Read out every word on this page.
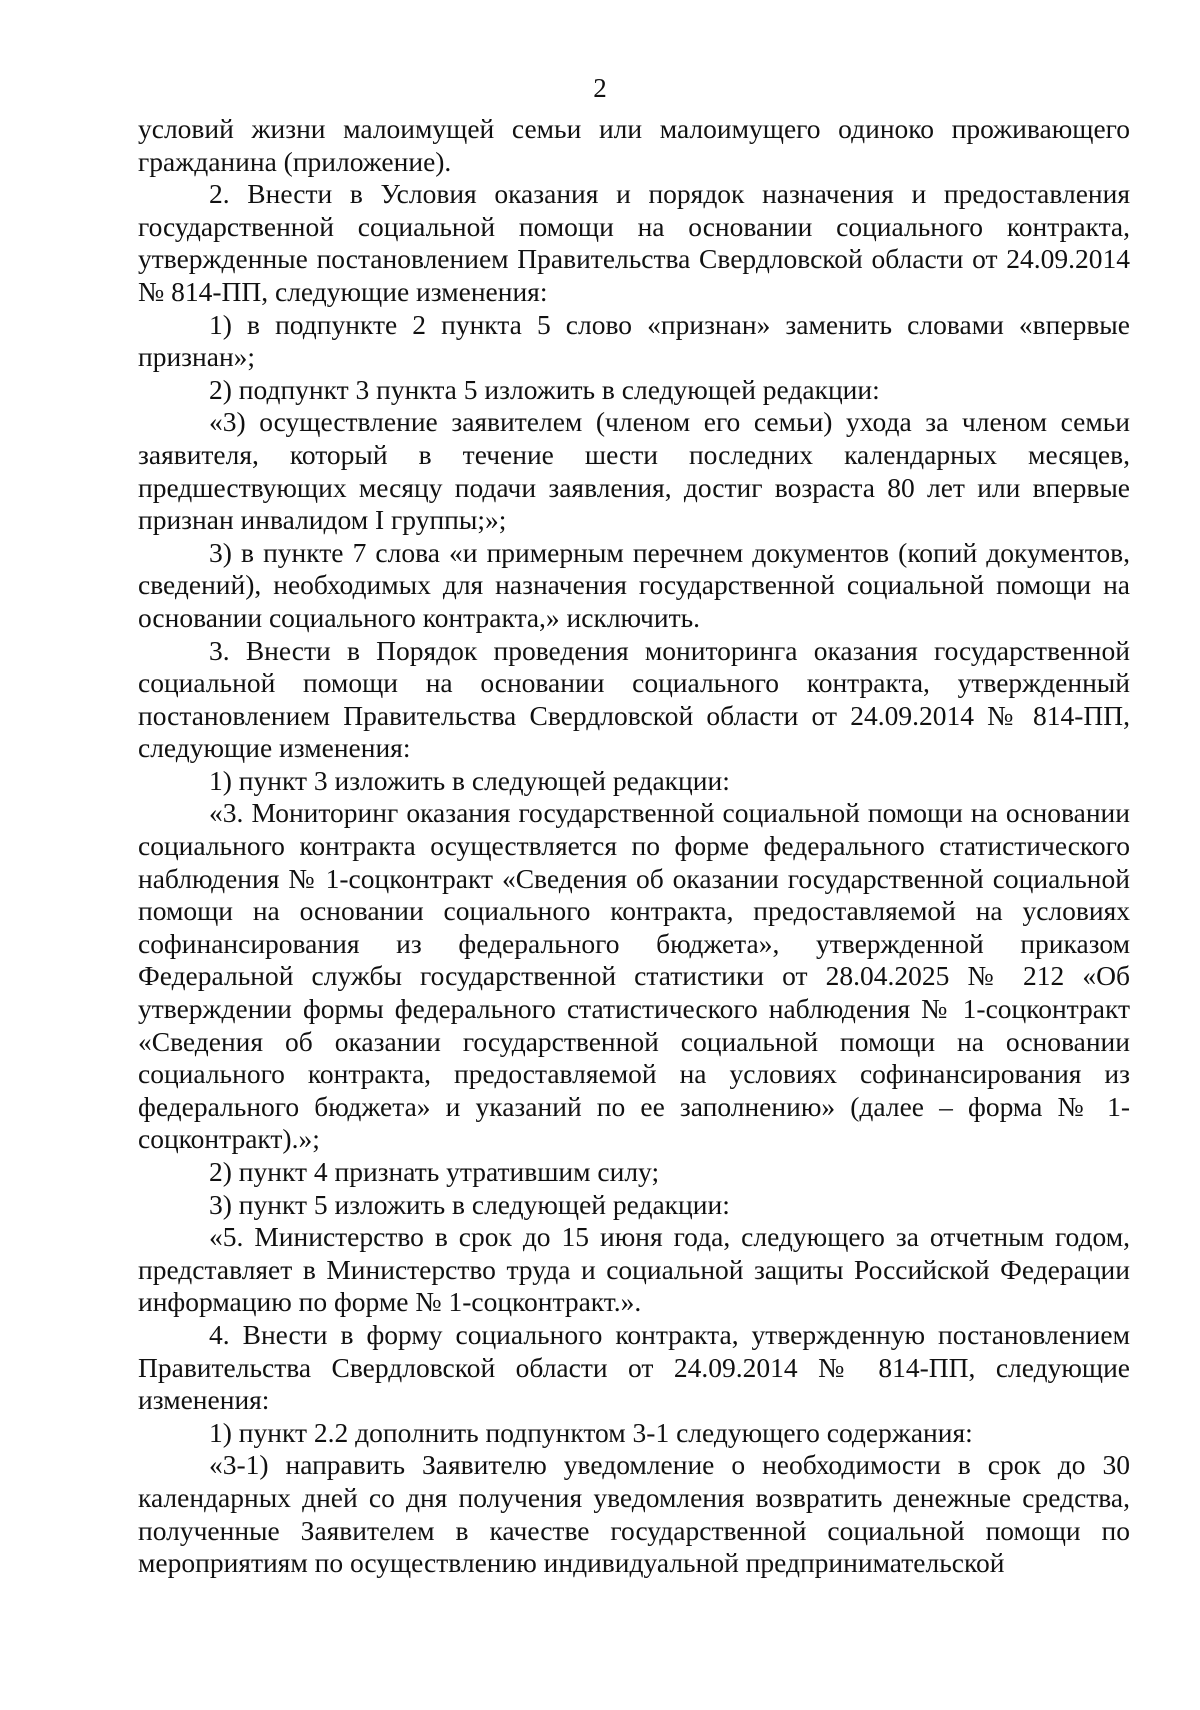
2

условий жизни малоимущей семьи или малоимущего одиноко проживающего гражданина (приложение).

2. Внести в Условия оказания и порядок назначения и предоставления государственной социальной помощи на основании социального контракта, утвержденные постановлением Правительства Свердловской области от 24.09.2014 № 814-ПП, следующие изменения:

1) в подпункте 2 пункта 5 слово «признан» заменить словами «впервые признан»;

2) подпункт 3 пункта 5 изложить в следующей редакции:

«3) осуществление заявителем (членом его семьи) ухода за членом семьи заявителя, который в течение шести последних календарных месяцев, предшествующих месяцу подачи заявления, достиг возраста 80 лет или впервые признан инвалидом I группы;»;

3) в пункте 7 слова «и примерным перечнем документов (копий документов, сведений), необходимых для назначения государственной социальной помощи на основании социального контракта,» исключить.

3. Внести в Порядок проведения мониторинга оказания государственной социальной помощи на основании социального контракта, утвержденный постановлением Правительства Свердловской области от 24.09.2014 № 814-ПП, следующие изменения:

1) пункт 3 изложить в следующей редакции:

«3. Мониторинг оказания государственной социальной помощи на основании социального контракта осуществляется по форме федерального статистического наблюдения № 1-соцконтракт «Сведения об оказании государственной социальной помощи на основании социального контракта, предоставляемой на условиях софинансирования из федерального бюджета», утвержденной приказом Федеральной службы государственной статистики от 28.04.2025 № 212 «Об утверждении формы федерального статистического наблюдения № 1-соцконтракт «Сведения об оказании государственной социальной помощи на основании социального контракта, предоставляемой на условиях софинансирования из федерального бюджета» и указаний по ее заполнению» (далее – форма № 1-соцконтракт).»;

2) пункт 4 признать утратившим силу;

3) пункт 5 изложить в следующей редакции:

«5. Министерство в срок до 15 июня года, следующего за отчетным годом, представляет в Министерство труда и социальной защиты Российской Федерации информацию по форме № 1-соцконтракт.».

4. Внести в форму социального контракта, утвержденную постановлением Правительства Свердловской области от 24.09.2014 № 814-ПП, следующие изменения:

1) пункт 2.2 дополнить подпунктом 3-1 следующего содержания:

«3-1) направить Заявителю уведомление о необходимости в срок до 30 календарных дней со дня получения уведомления возвратить денежные средства, полученные Заявителем в качестве государственной социальной помощи по мероприятиям по осуществлению индивидуальной предпринимательской
